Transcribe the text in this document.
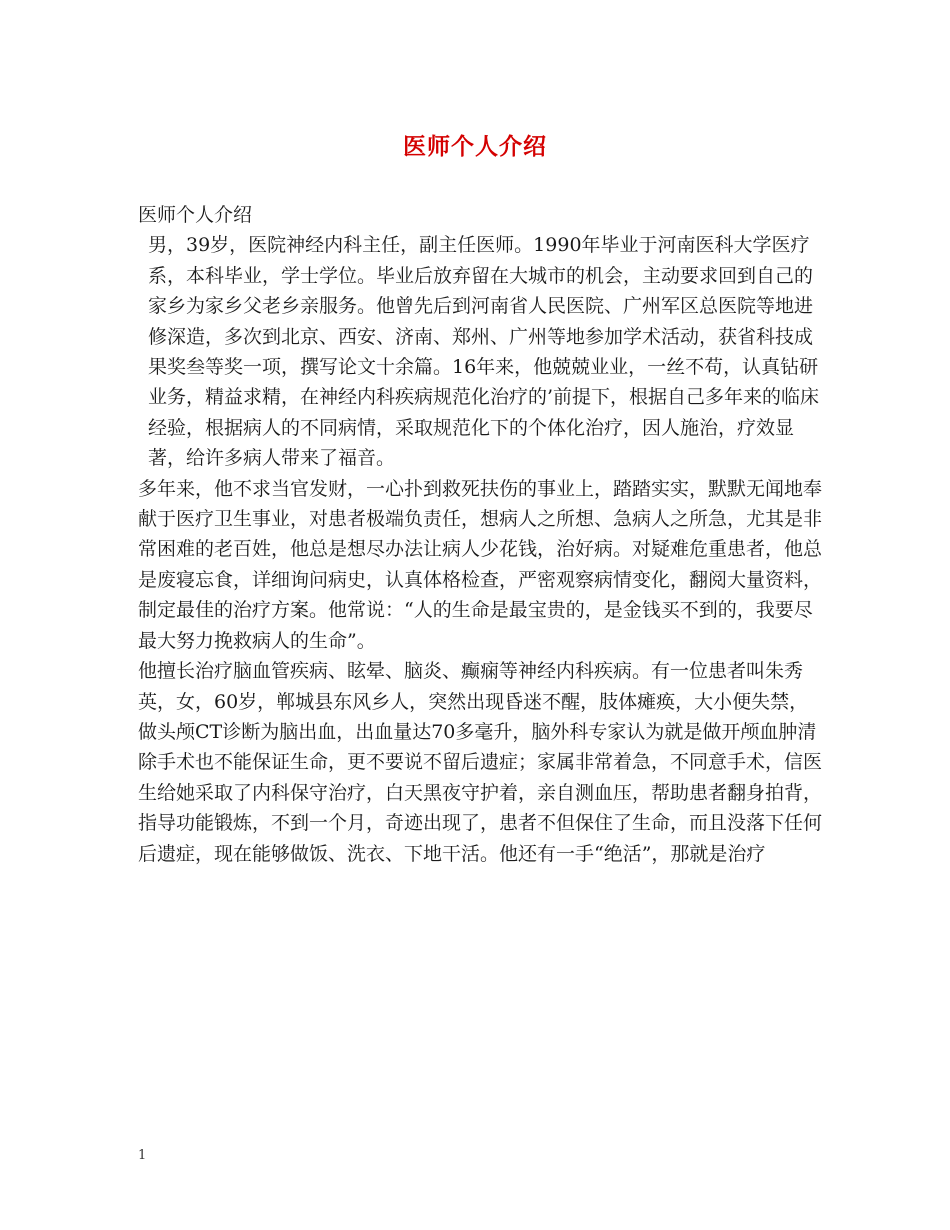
医师个人介绍

医师个人介绍

男，39岁，医院神经内科主任，副主任医师。1990年毕业于河南医科大学医疗系，本科毕业，学士学位。毕业后放弃留在大城市的机会，主动要求回到自己的家乡为家乡父老乡亲服务。他曾先后到河南省人民医院、广州军区总医院等地进修深造，多次到北京、西安、济南、郑州、广州等地参加学术活动，获省科技成果奖叁等奖一项，撰写论文十余篇。16年来，他兢兢业业，一丝不苟，认真钻研业务，精益求精，在神经内科疾病规范化治疗的’前提下，根据自己多年来的临床经验，根据病人的不同病情，采取规范化下的个体化治疗，因人施治，疗效显著，给许多病人带来了福音。

多年来，他不求当官发财，一心扑到救死扶伤的事业上，踏踏实实，默默无闻地奉献于医疗卫生事业，对患者极端负责任，想病人之所想、急病人之所急，尤其是非常困难的老百姓，他总是想尽办法让病人少花钱，治好病。对疑难危重患者，他总是废寝忘食，详细询问病史，认真体格检查，严密观察病情变化，翻阅大量资料，制定最佳的治疗方案。他常说：“人的生命是最宝贵的，是金钱买不到的，我要尽最大努力挽救病人的生命”。

他擅长治疗脑血管疾病、眩晕、脑炎、癫痫等神经内科疾病。有一位患者叫朱秀英，女，60岁，郸城县东风乡人，突然出现昏迷不醒，肢体瘫痪，大小便失禁，做头颅CT诊断为脑出血，出血量达70多毫升，脑外科专家认为就是做开颅血肿清除手术也不能保证生命，更不要说不留后遗症；家属非常着急，不同意手术，信医生给她采取了内科保守治疗，白天黑夜守护着，亲自测血压，帮助患者翻身拍背，指导功能锻炼，不到一个月，奇迹出现了，患者不但保住了生命，而且没落下任何后遗症，现在能够做饭、洗衣、下地干活。他还有一手“绝活”，那就是治疗

1
